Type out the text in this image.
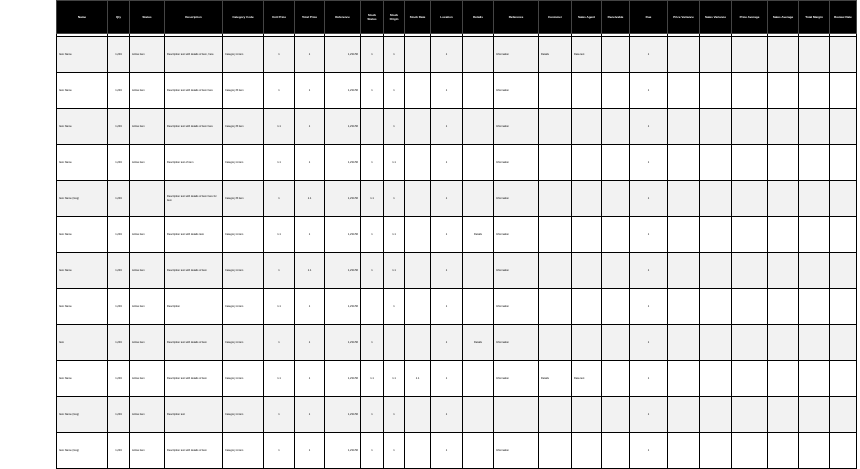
Name	Qty	Status	Description	Category Code	Unit Price	Total Price	Reference	Stock Status	Stock Origin	Stock Date	Location	Details	Reference	Customer	Sales Agent	Receivable	Due	Price Variance	Sales Variance	Price Average	Sales Average	Total Margin	Review Date

Item Name	1,234	Active item	Description text with details of item, here	Category A item	1	1	1,234.56	1	1		1		Information	Details	Data text		1						
Item Name	1,234	Active item	Description text with details of item here	Category B item	1	1	1,234.56	1	1		1		Information				1						
Item Name	1,234	Active item	Description text with details of item here	Category B item	1.1	1	1,234.56		1		1		Information				1						
Item Name	1,234	Active item	Description text of item	Category A item	1.1	1	1,234.56	1	1.1		1		Information				1						
Item Name (long)	1,234		Description text with details of item here for item	Category B item	1	1.1	1,234.56	1.1	1		1		Information				1						
Item Name	1,234	Active item	Description text with details item	Category A item	1.1	1	1,234.56	1	1.1		1	Details	Information				1						
Item Name	1,234	Active item	Description text with details of item	Category A item	1	1.1	1,234.56	1	1.1		1		Information				1						
Item Name	1,234	Active item	Description	Category A item	1.1	1	1,234.56		1		1		Information				1						
Item	1,234	Active item	Description text with details of item	Category A item	1	1	1,234.56	1			1	Details	Information				1						
Item Name	1,234	Active item	Description text with details of item	Category A item	1.1	1	1,234.56	1.1	1.1	1.1	1		Information	Details	Data text		1						
Item Name (long)	1,234	Active item	Description text	Category A item	1	1	1,234.56	1	1		1						1						
Item Name (long)	1,234	Active item	Description text with details of item	Category A item	1	1	1,234.56	1	1		1		Information				1						
